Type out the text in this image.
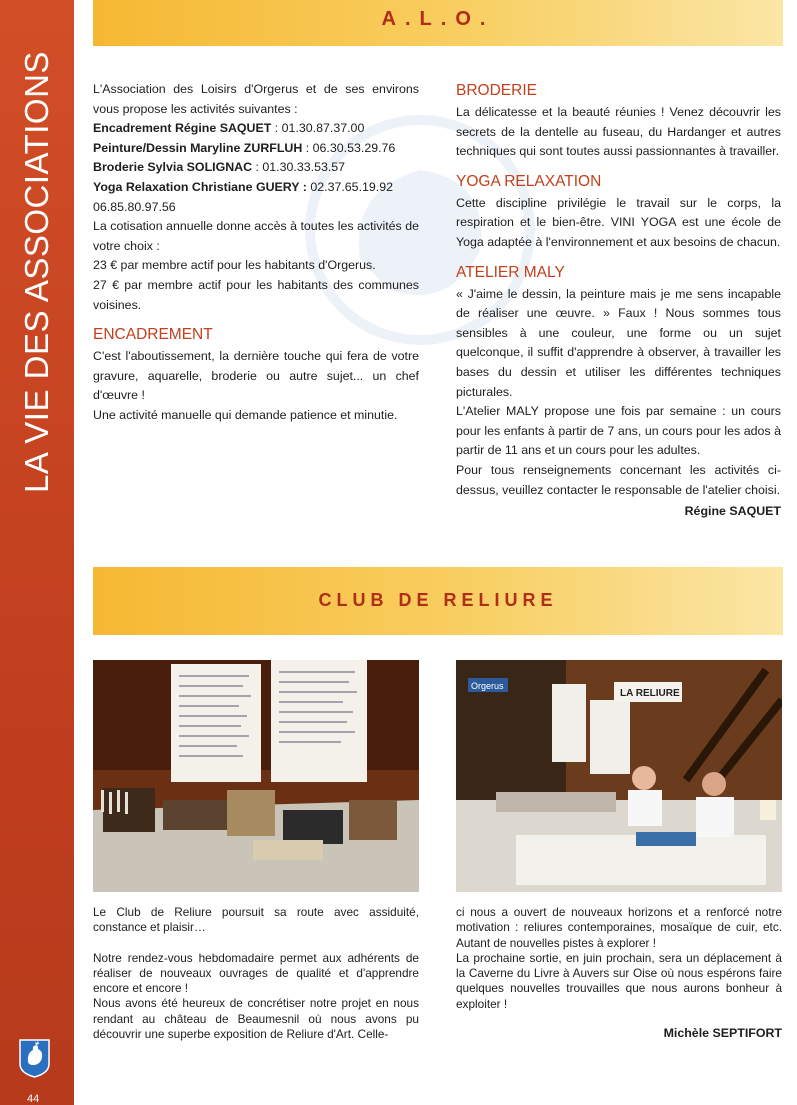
LA VIE DES ASSOCIATIONS
44
A.L.O.

L'Association des Loisirs d'Orgerus et de ses environs vous propose les activités suivantes :

Encadrement Régine SAQUET : 01.30.87.37.00

Peinture/Dessin Maryline ZURFLUH : 06.30.53.29.76

Broderie Sylvia SOLIGNAC : 01.30.33.53.57

Yoga Relaxation Christiane GUERY : 02.37.65.19.92 06.85.80.97.56

La cotisation annuelle donne accès à toutes les activités de votre choix :

23 € par membre actif pour les habitants d'Orgerus.

27 € par membre actif pour les habitants des communes voisines.

ENCADREMENT

C'est l'aboutissement, la dernière touche qui fera de votre gravure, aquarelle, broderie ou autre sujet... un chef d'œuvre !

Une activité manuelle qui demande patience et minutie.

BRODERIE

La délicatesse et la beauté réunies ! Venez découvrir les secrets de la dentelle au fuseau, du Hardanger et autres techniques qui sont toutes aussi passionnantes à travailler.

YOGA RELAXATION

Cette discipline privilégie le travail sur le corps, la respiration et le bien-être. VINI YOGA est une école de Yoga adaptée à l'environnement et aux besoins de chacun.

ATELIER MALY

« J'aime le dessin, la peinture mais je me sens incapable de réaliser une œuvre. » Faux ! Nous sommes tous sensibles à une couleur, une forme ou un sujet quelconque, il suffit d'apprendre à observer, à travailler les bases du dessin et utiliser les différentes techniques picturales.

L'Atelier MALY propose une fois par semaine : un cours pour les enfants à partir de 7 ans, un cours pour les ados à partir de 11 ans et un cours pour les adultes.

Pour tous renseignements concernant les activités ci-dessus, veuillez contacter le responsable de l'atelier choisi.

Régine SAQUET

CLUB DE RELIURE
Orgerus
LA RELIURE

Le Club de Reliure poursuit sa route avec assiduité, constance et plaisir…

Notre rendez-vous hebdomadaire permet aux adhérents de réaliser de nouveaux ouvrages de qualité et d'apprendre encore et encore !

Nous avons été heureux de concrétiser notre projet en nous rendant au château de Beaumesnil où nous avons pu découvrir une superbe exposition de Reliure d'Art. Celle-

ci nous a ouvert de nouveaux horizons et a renforcé notre motivation : reliures contemporaines, mosaïque de cuir, etc. Autant de nouvelles pistes à explorer !

La prochaine sortie, en juin prochain, sera un déplacement à la Caverne du Livre à Auvers sur Oise où nous espérons faire quelques nouvelles trouvailles que nous aurons bonheur à exploiter !

Michèle SEPTIFORT
